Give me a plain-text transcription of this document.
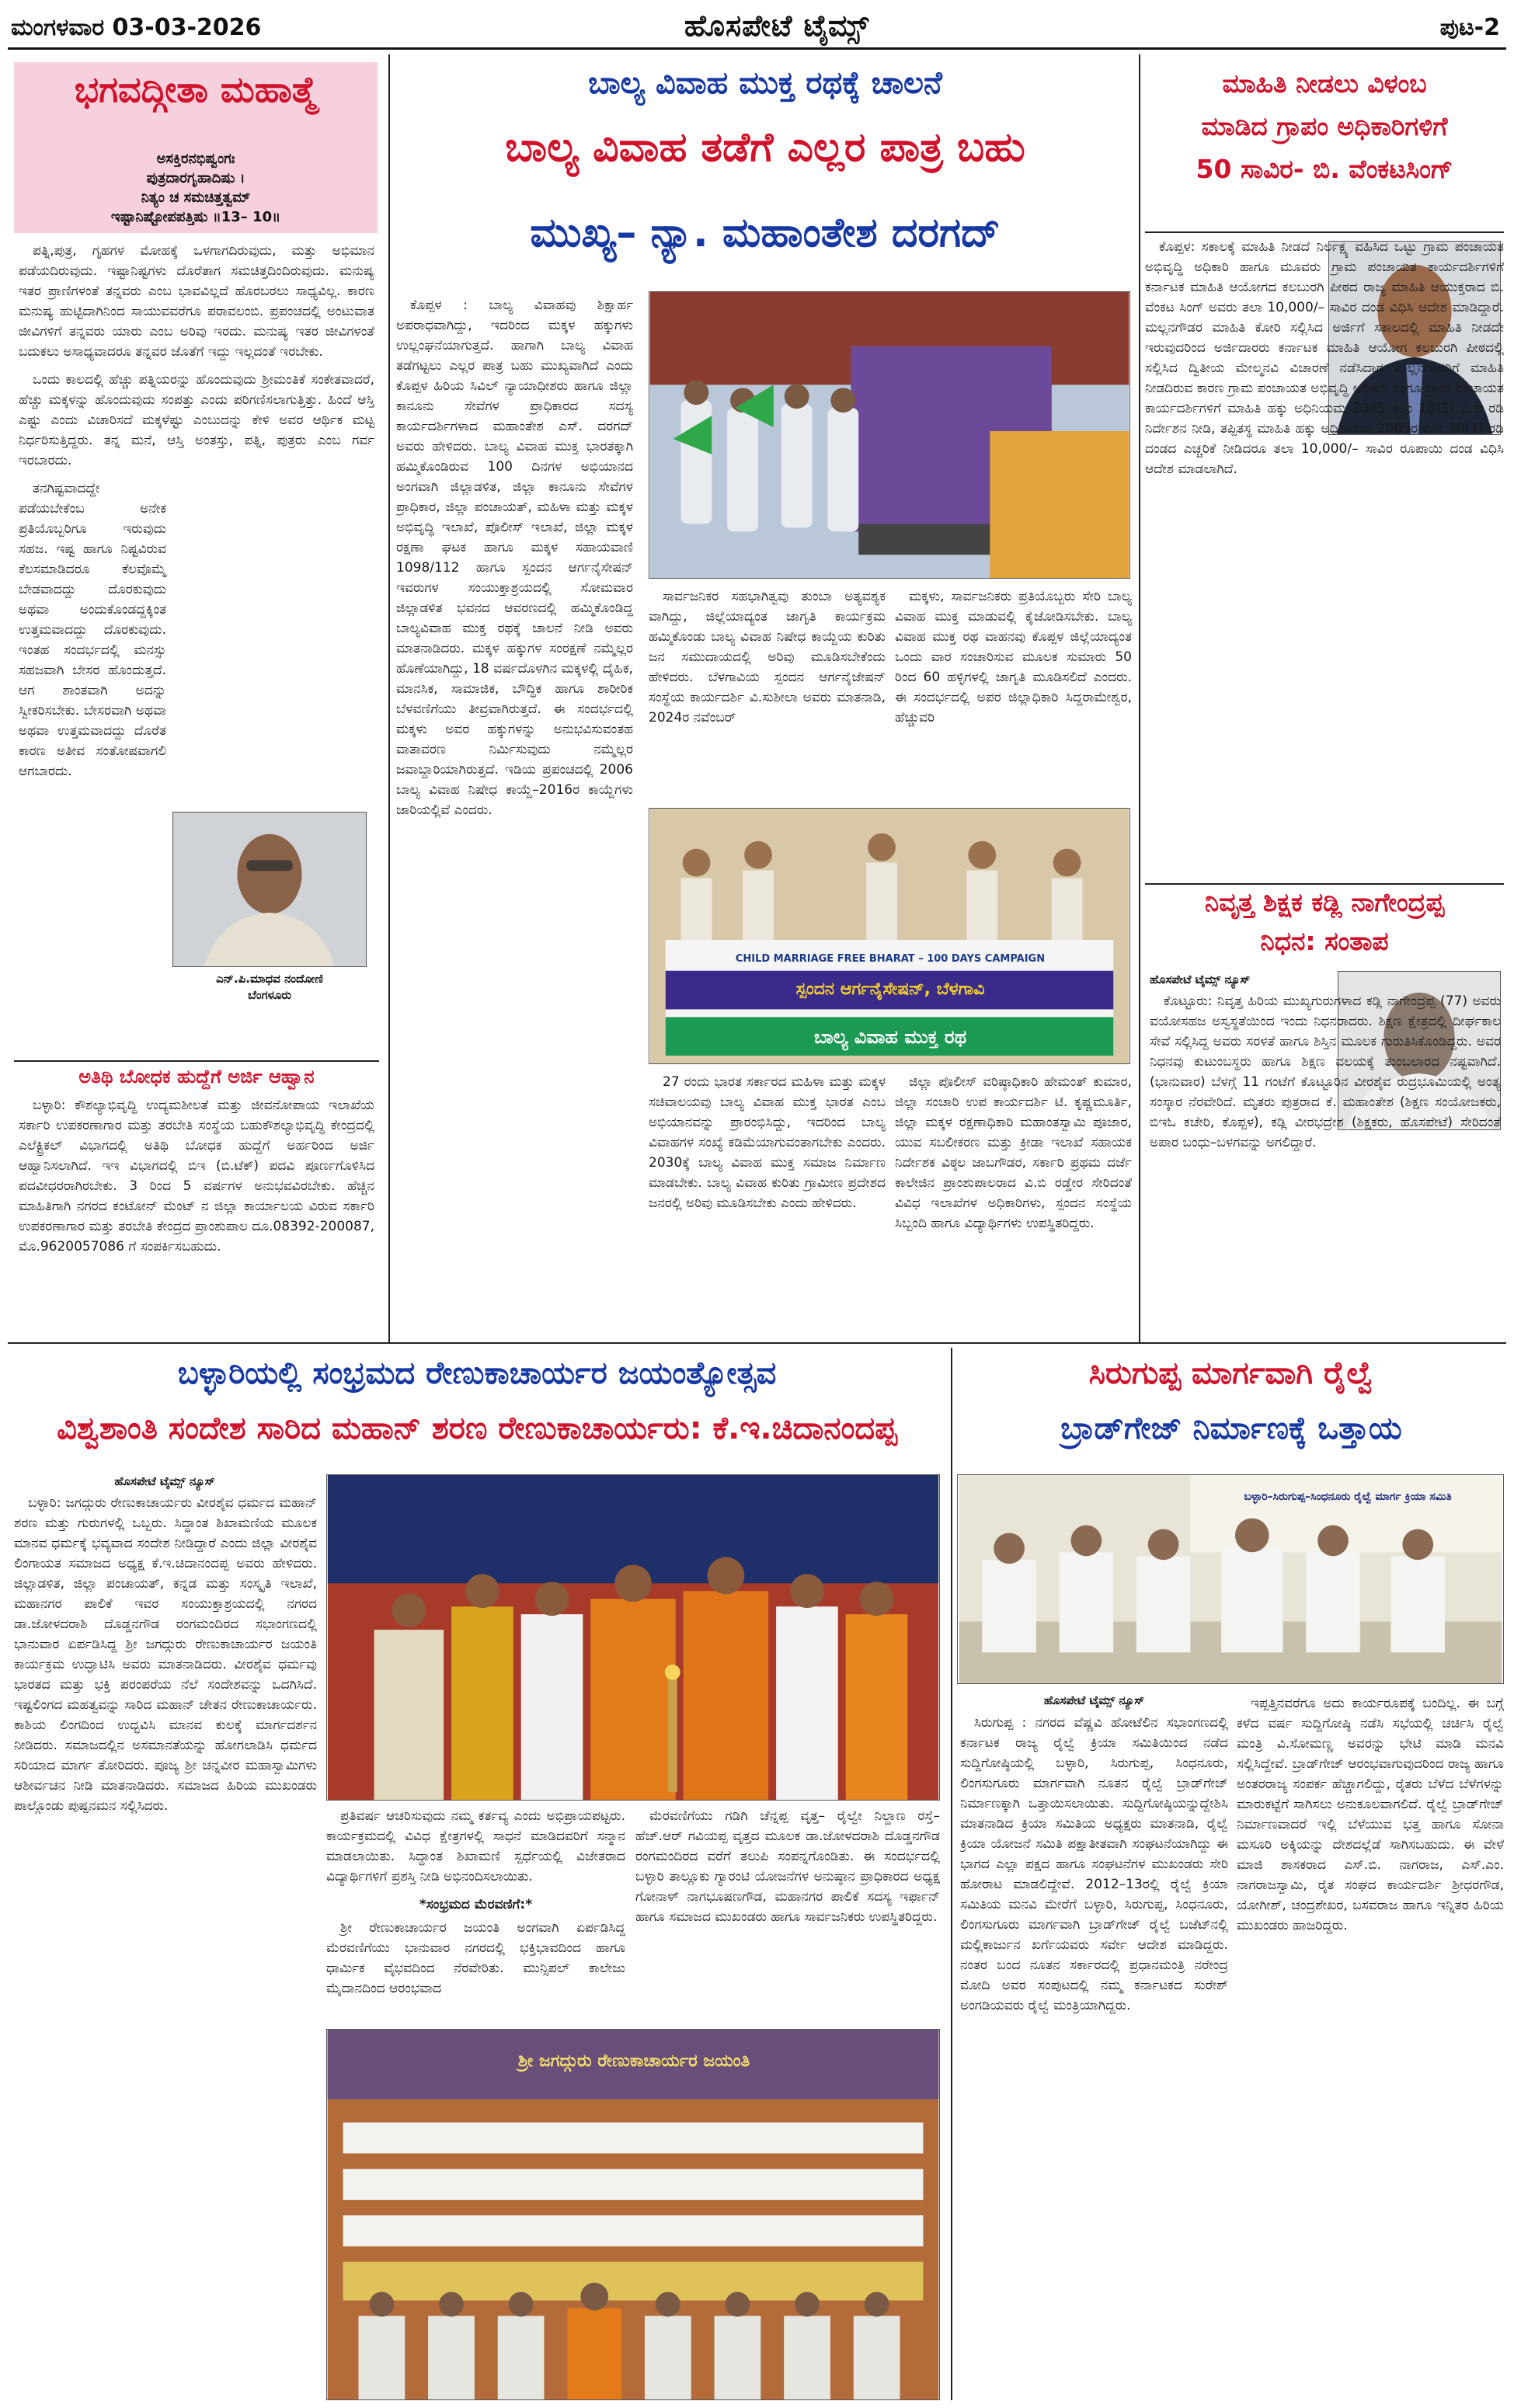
ಮಂಗಳವಾರ 03-03-2026	ಹೊಸಪೇಟೆ ಟೈಮ್ಸ್	ಪುಟ-2
ಭಗವದ್ಗೀತಾ ಮಹಾತ್ಮೆ
ಅಸಕ್ತಿರನಭಿಷ್ವಂಗಃ
ಪುತ್ರದಾರಗೃಹಾದಿಷು ।
ನಿತ್ಯಂ ಚ ಸಮಚಿತ್ತತ್ವಮ್
ಇಷ್ಟಾನಿಷ್ಟೋಪಪತ್ತಿಷು ॥13– 10॥

ಪತ್ನಿ,ಪುತ್ರ, ಗೃಹಗಳ ಮೋಹಕ್ಕೆ ಒಳಗಾಗದಿರುವುದು, ಮತ್ತು ಅಭಿಮಾನ ಪಡೆಯದಿರುವುದು. ಇಷ್ಟಾನಿಷ್ಟಗಳು ದೊರೆತಾಗ ಸಮಚಿತ್ತದಿಂದಿರುವುದು. ಮನುಷ್ಯ ಇತರ ಪ್ರಾಣಿಗಳಂತೆ ತನ್ನವರು ಎಂಬ ಭಾವವಿಲ್ಲದೆ ಹೊರಬರಲು ಸಾಧ್ಯವಿಲ್ಲ. ಕಾರಣ ಮನುಷ್ಯ ಹುಟ್ಟಿದಾಗಿನಿಂದ ಸಾಯುವವರೆಗೂ ಪರಾವಲಂಬಿ. ಪ್ರಪಂಚದಲ್ಲಿ ಅಂಟುವಾತ ಜೀವಿಗಳಿಗೆ ತನ್ನವರು ಯಾರು ಎಂಬ ಅರಿವು ಇರದು. ಮನುಷ್ಯ ಇತರ ಜೀವಿಗಳಂತೆ ಬದುಕಲು ಅಸಾಧ್ಯವಾದರೂ ತನ್ನವರ ಜೊತೆಗೆ ಇದ್ದು ಇಲ್ಲದಂತೆ ಇರಬೇಕು.

ಒಂದು ಕಾಲದಲ್ಲಿ ಹೆಚ್ಚು ಪತ್ನಿಯರನ್ನು ಹೊಂದುವುದು ಶ್ರೀಮಂತಿಕೆ ಸಂಕೇತವಾದರೆ, ಹೆಚ್ಚು ಮಕ್ಕಳನ್ನು ಹೊಂದುವುದು ಸಂಪತ್ತು ಎಂದು ಪರಿಗಣಿಸಲಾಗುತ್ತಿತ್ತು. ಹಿಂದೆ ಆಸ್ತಿ ಎಷ್ಟು ಎಂದು ವಿಚಾರಿಸದೆ ಮಕ್ಕಳೆಷ್ಟು ಎಂಬುದನ್ನು ಕೇಳಿ ಅವರ ಆರ್ಥಿಕ ಮಟ್ಟ ನಿರ್ಧರಿಸುತ್ತಿದ್ದರು. ತನ್ನ ಮನೆ, ಆಸ್ತಿ ಅಂತಸ್ತು, ಪತ್ನಿ, ಪುತ್ರರು ಎಂಬ ಗರ್ವ ಇರಬಾರದು.

ತನಗಿಷ್ಟವಾದದ್ದೇ ಪಡೆಯಬೇಕೆಂಬ ಅನೇಕ ಪ್ರತಿಯೊಬ್ಬರಿಗೂ ಇರುವುದು ಸಹಜ. ಇಷ್ಟ ಹಾಗೂ ನಿಷ್ಟವಿರುವ ಕೆಲಸಮಾಡಿದರೂ ಕೆಲವೊಮ್ಮೆ ಬೇಡವಾದದ್ದು ದೊರಕುವುದು ಅಥವಾ ಅಂದುಕೊಂಡದ್ದಕ್ಕಿಂತ ಉತ್ತಮವಾದದ್ದು ದೊರಕುವುದು. ಇಂತಹ ಸಂದರ್ಭದಲ್ಲಿ ಮನಸ್ಸು ಸಹಜವಾಗಿ ಬೇಸರ ಹೊಂದುತ್ತದೆ. ಆಗ ಶಾಂತವಾಗಿ ಅದನ್ನು ಸ್ವೀಕರಿಸಬೇಕು. ಬೇಸರವಾಗಿ ಅಥವಾ ಅಥವಾ ಉತ್ತಮವಾದದ್ದು ದೊರೆತ ಕಾರಣ ಅತೀವ ಸಂತೋಷವಾಗಲಿ ಆಗಬಾರದು.

ಎನ್.ಪಿ.ಮಾಧವ ನಂದೋಣಿ
ಬೆಂಗಳೂರು
ಅತಿಥಿ ಬೋಧಕ ಹುದ್ದೆಗೆ ಅರ್ಜಿ ಆಹ್ವಾನ

ಬಳ್ಳಾರಿ: ಕೌಶಲ್ಯಾಭಿವೃದ್ಧಿ ಉದ್ಯಮಶೀಲತೆ ಮತ್ತು ಜೀವನೋಪಾಯ ಇಲಾಖೆಯ ಸರ್ಕಾರಿ ಉಪಕರಣಾಗಾರ ಮತ್ತು ತರಬೇತಿ ಸಂಸ್ಥೆಯ ಬಹುಕೌಶಲ್ಯಾಭಿವೃದ್ಧಿ ಕೇಂದ್ರದಲ್ಲಿ ಎಲೆಕ್ಟ್ರಿಕಲ್ ವಿಭಾಗದಲ್ಲಿ ಅತಿಥಿ ಬೋಧಕ ಹುದ್ದೆಗೆ ಅರ್ಹರಿಂದ ಅರ್ಜಿ ಆಹ್ವಾನಿಸಲಾಗಿದೆ. ಇಇ ವಿಭಾಗದಲ್ಲಿ ಬಿಇ (ಬಿ.ಟೆಕ್) ಪದವಿ ಪೂರ್ಣಗೊಳಿಸಿದ ಪದವೀಧರರಾಗಿರಬೇಕು. 3 ರಿಂದ 5 ವರ್ಷಗಳ ಅನುಭವವಿರಬೇಕು. ಹೆಚ್ಚಿನ ಮಾಹಿತಿಗಾಗಿ ನಗರದ ಕಂಟೋನ್ ಮೆಂಟ್ ನ ಜಿಲ್ಲಾ ಕಾರ್ಯಾಲಯ ವಿರುವ ಸರ್ಕಾರಿ ಉಪಕರಣಾಗಾರ ಮತ್ತು ತರಬೇತಿ ಕೇಂದ್ರದ ಪ್ರಾಂಶುಪಾಲ ದೂ.08392-200087, ಮೊ.9620057086 ಗೆ ಸಂಪರ್ಕಿಸಬಹುದು.

ಬಾಲ್ಯ ವಿವಾಹ ಮುಕ್ತ ರಥಕ್ಕೆ ಚಾಲನೆ
ಬಾಲ್ಯ ವಿವಾಹ ತಡೆಗೆ ಎಲ್ಲರ ಪಾತ್ರ ಬಹು
ಮುಖ್ಯ– ನ್ಯಾ. ಮಹಾಂತೇಶ ದರಗದ್

ಕೊಪ್ಪಳ : ಬಾಲ್ಯ ವಿವಾಹವು ಶಿಕ್ಷಾರ್ಹ ಅಪರಾಧವಾಗಿದ್ದು, ಇದರಿಂದ ಮಕ್ಕಳ ಹಕ್ಕುಗಳು ಉಲ್ಲಂಘನೆಯಾಗುತ್ತದೆ. ಹಾಗಾಗಿ ಬಾಲ್ಯ ವಿವಾಹ ತಡೆಗಟ್ಟಲು ಎಲ್ಲರ ಪಾತ್ರ ಬಹು ಮುಖ್ಯವಾಗಿದೆ ಎಂದು ಕೊಪ್ಪಳ ಹಿರಿಯ ಸಿವಿಲ್ ನ್ಯಾಯಾಧೀಶರು ಹಾಗೂ ಜಿಲ್ಲಾ ಕಾನೂನು ಸೇವೆಗಳ ಪ್ರಾಧಿಕಾರದ ಸದಸ್ಯ ಕಾರ್ಯದರ್ಶಿಗಳಾದ ಮಹಾಂತೇಶ ಎಸ್. ದರಗದ್ ಅವರು ಹೇಳಿದರು. ಬಾಲ್ಯ ವಿವಾಹ ಮುಕ್ತ ಭಾರತಕ್ಕಾಗಿ ಹಮ್ಮಿಕೊಂಡಿರುವ 100 ದಿನಗಳ ಅಭಿಯಾನದ ಅಂಗವಾಗಿ ಜಿಲ್ಲಾಡಳಿತ, ಜಿಲ್ಲಾ ಕಾನೂನು ಸೇವೆಗಳ ಪ್ರಾಧಿಕಾರ, ಜಿಲ್ಲಾ ಪಂಚಾಯತ್, ಮಹಿಳಾ ಮತ್ತು ಮಕ್ಕಳ ಅಭಿವೃದ್ಧಿ ಇಲಾಖೆ, ಪೊಲೀಸ್ ಇಲಾಖೆ, ಜಿಲ್ಲಾ ಮಕ್ಕಳ ರಕ್ಷಣಾ ಘಟಕ ಹಾಗೂ ಮಕ್ಕಳ ಸಹಾಯವಾಣಿ 1098/112 ಹಾಗೂ ಸ್ಪಂದನ ಆರ್ಗನೈಸೇಷನ್ ಇವರುಗಳ ಸಂಯುಕ್ತಾಶ್ರಯದಲ್ಲಿ ಸೋಮವಾರ ಜಿಲ್ಲಾಡಳಿತ ಭವನದ ಆವರಣದಲ್ಲಿ ಹಮ್ಮಿಕೊಂಡಿದ್ದ ಬಾಲ್ಯವಿವಾಹ ಮುಕ್ತ ರಥಕ್ಕೆ ಚಾಲನೆ ನೀಡಿ ಅವರು ಮಾತನಾಡಿದರು. ಮಕ್ಕಳ ಹಕ್ಕುಗಳ ಸಂರಕ್ಷಣೆ ನಮ್ಮೆಲ್ಲರ ಹೊಣೆಯಾಗಿದ್ದು, 18 ವರ್ಷದೊಳಗಿನ ಮಕ್ಕಳಲ್ಲಿ ದೈಹಿಕ, ಮಾನಸಿಕ, ಸಾಮಾಜಿಕ, ಬೌದ್ಧಿಕ ಹಾಗೂ ಶಾರೀರಿಕ ಬೆಳವಣಿಗೆಯು ತೀವ್ರವಾಗಿರುತ್ತದೆ. ಈ ಸಂದರ್ಭದಲ್ಲಿ ಮಕ್ಕಳು ಅವರ ಹಕ್ಕುಗಳನ್ನು ಅನುಭವಿಸುವಂತಹ ವಾತಾವರಣ ನಿರ್ಮಿಸುವುದು ನಮ್ಮೆಲ್ಲರ ಜವಾಬ್ದಾರಿಯಾಗಿರುತ್ತದೆ. ಇಡಿಯ ಪ್ರಪಂಚದಲ್ಲಿ 2006 ಬಾಲ್ಯ ವಿವಾಹ ನಿಷೇಧ ಕಾಯ್ದೆ–2016ರ ಕಾಯ್ದೆಗಳು ಜಾರಿಯಲ್ಲಿವೆ ಎಂದರು.

ಸಾರ್ವಜನಿಕರ ಸಹಭಾಗಿತ್ವವು ತುಂಬಾ ಅತ್ಯವಶ್ಯಕ ವಾಗಿದ್ದು, ಜಿಲ್ಲೆಯಾದ್ಯಂತ ಜಾಗೃತಿ ಕಾರ್ಯಕ್ರಮ ಹಮ್ಮಿಕೊಂಡು ಬಾಲ್ಯ ವಿವಾಹ ನಿಷೇಧ ಕಾಯ್ದೆಯ ಕುರಿತು ಜನ ಸಮುದಾಯದಲ್ಲಿ ಅರಿವು ಮೂಡಿಸಬೇಕೆಂದು ಹೇಳಿದರು. ಬೆಳಗಾವಿಯ ಸ್ಪಂದನ ಆರ್ಗನೈಜೇಷನ್ ಸಂಸ್ಥೆಯ ಕಾರ್ಯದರ್ಶಿ ವಿ.ಸುಶೀಲಾ ಅವರು ಮಾತನಾಡಿ, 2024ರ ನವೆಂಬರ್

ಮಕ್ಕಳು, ಸಾರ್ವಜನಿಕರು ಪ್ರತಿಯೊಬ್ಬರು ಸೇರಿ ಬಾಲ್ಯ ವಿವಾಹ ಮುಕ್ತ ಮಾಡುವಲ್ಲಿ ಕೈಜೋಡಿಸಬೇಕು. ಬಾಲ್ಯ ವಿವಾಹ ಮುಕ್ತ ರಥ ವಾಹನವು ಕೊಪ್ಪಳ ಜಿಲ್ಲೆಯಾದ್ಯಂತ ಒಂದು ವಾರ ಸಂಚಾರಿಸುವ ಮೂಲಕ ಸುಮಾರು 50 ರಿಂದ 60 ಹಳ್ಳಿಗಳಲ್ಲಿ ಜಾಗೃತಿ ಮೂಡಿಸಲಿದೆ ಎಂದರು. ಈ ಸಂದರ್ಭದಲ್ಲಿ ಅಪರ ಜಿಲ್ಲಾಧಿಕಾರಿ ಸಿದ್ದರಾಮೇಶ್ವರ, ಹೆಚ್ಚುವರಿ

CHILD MARRIAGE FREE BHARAT – 100 DAYS CAMPAIGN
ಸ್ಪಂದನ ಆರ್ಗನೈಸೇಷನ್, ಬೆಳಗಾವಿ
ಬಾಲ್ಯ ವಿವಾಹ ಮುಕ್ತ ರಥ

27 ರಂದು ಭಾರತ ಸರ್ಕಾರದ ಮಹಿಳಾ ಮತ್ತು ಮಕ್ಕಳ ಸಚಿವಾಲಯವು ಬಾಲ್ಯ ವಿವಾಹ ಮುಕ್ತ ಭಾರತ ಎಂಬ ಅಭಿಯಾನವನ್ನು ಪ್ರಾರಂಭಿಸಿದ್ದು, ಇದರಿಂದ ಬಾಲ್ಯ ವಿವಾಹಗಳ ಸಂಖ್ಯೆ ಕಡಿಮೆಯಾಗುವಂತಾಗಬೇಕು ಎಂದರು. 2030ಕ್ಕೆ ಬಾಲ್ಯ ವಿವಾಹ ಮುಕ್ತ ಸಮಾಜ ನಿರ್ಮಾಣ ಮಾಡಬೇಕು. ಬಾಲ್ಯ ವಿವಾಹ ಕುರಿತು ಗ್ರಾಮೀಣ ಪ್ರದೇಶದ ಜನರಲ್ಲಿ ಅರಿವು ಮೂಡಿಸಬೇಕು ಎಂದು ಹೇಳಿದರು.

ಜಿಲ್ಲಾ ಪೊಲೀಸ್ ವರಿಷ್ಠಾಧಿಕಾರಿ ಹೇಮಂತ್ ಕುಮಾರ, ಜಿಲ್ಲಾ ಸಂಚಾರಿ ಉಪ ಕಾರ್ಯದರ್ಶಿ ಟಿ. ಕೃಷ್ಣಮೂರ್ತಿ, ಜಿಲ್ಲಾ ಮಕ್ಕಳ ರಕ್ಷಣಾಧಿಕಾರಿ ಮಹಾಂತಸ್ವಾಮಿ ಪೂಜಾರ, ಯುವ ಸಬಲೀಕರಣ ಮತ್ತು ಕ್ರೀಡಾ ಇಲಾಖೆ ಸಹಾಯಕ ನಿರ್ದೇಶಕ ವಿಠ್ಠಲ ಜಾಬಗೌಡರ, ಸರ್ಕಾರಿ ಪ್ರಥಮ ದರ್ಜೆ ಕಾಲೇಜಿನ ಪ್ರಾಂಶುಪಾಲರಾದ ವಿ.ಬಿ ರಡ್ಡೇರ ಸೇರಿದಂತೆ ವಿವಿಧ ಇಲಾಖೆಗಳ ಅಧಿಕಾರಿಗಳು, ಸ್ಪಂದನ ಸಂಸ್ಥೆಯ ಸಿಬ್ಬಂದಿ ಹಾಗೂ ವಿದ್ಯಾರ್ಥಿಗಳು ಉಪಸ್ಥಿತರಿದ್ದರು.

ಮಾಹಿತಿ ನೀಡಲು ವಿಳಂಬ
ಮಾಡಿದ ಗ್ರಾಪಂ ಅಧಿಕಾರಿಗಳಿಗೆ
50 ಸಾವಿರ- ಬಿ. ವೆಂಕಟಸಿಂಗ್

ಕೊಪ್ಪಳ: ಸಕಾಲಕ್ಕೆ ಮಾಹಿತಿ ನೀಡದೆ ನಿರ್ಲಕ್ಷ್ಯ ವಹಿಸಿದ ಒಟ್ಟು ಗ್ರಾಮ ಪಂಚಾಯತ ಅಭಿವೃದ್ಧಿ ಅಧಿಕಾರಿ ಹಾಗೂ ಮೂವರು ಗ್ರಾಮ ಪಂಚಾಯತ ಕಾರ್ಯದರ್ಶಿಗಳಿಗೆ ಕರ್ನಾಟಕ ಮಾಹಿತಿ ಆಯೋಗದ ಕಲಬುರಗಿ ಪೀಠದ ರಾಜ್ಯ ಮಾಹಿತಿ ಆಯುಕ್ತರಾದ ಬಿ. ವೆಂಕಟ ಸಿಂಗ್ ಅವರು ತಲಾ 10,000/– ಸಾವಿರ ದಂಡ ವಿಧಿಸಿ ಆದೇಶ ಮಾಡಿದ್ದಾರೆ. ಮಲ್ಲನಗೌಡರ ಮಾಹಿತಿ ಕೋರಿ ಸಲ್ಲಿಸಿದ ಅರ್ಜಿಗೆ ಸಕಾಲದಲ್ಲಿ ಮಾಹಿತಿ ನೀಡದೇ ಇರುವುದರಿಂದ ಅರ್ಜಿದಾರರು ಕರ್ನಾಟಕ ಮಾಹಿತಿ ಆಯೋಗ ಕಲಬುರಗಿ ಪೀಠದಲ್ಲಿ ಸಲ್ಲಿಸಿದ ದ್ವಿತೀಯ ಮೇಲ್ಮನವಿ ವಿಚಾರಣೆ ನಡೆಸಿದಾಗ ಮಲ್ಲನಗೌಡರಿಗೆ ಮಾಹಿತಿ ನೀಡದಿರುವ ಕಾರಣ ಗ್ರಾಮ ಪಂಚಾಯತ ಅಭಿವೃದ್ಧಿ ಅಧಿಕಾರಿ ಹಾಗೂ ಗ್ರಾಮ ಪಂಚಾಯತ ಕಾರ್ಯದರ್ಶಿಗಳಿಗೆ ಮಾಹಿತಿ ಹಕ್ಕು ಅಧಿನಿಯಮ 2005 ಕಲಂ 18(3) ಎ.ಬಿ ರಡಿ ನಿರ್ದೇಶನ ನೀಡಿ, ತಪ್ಪಿತಸ್ಥ ಮಾಹಿತಿ ಹಕ್ಕು ಅಧಿನಿಯಮ 2005ರ ಕಲಂ 20(1) ರಡಿ ದಂಡದ ಎಚ್ಚರಿಕೆ ನೀಡಿದರೂ ತಲಾ 10,000/– ಸಾವಿರ ರೂಪಾಯಿ ದಂಡ ವಿಧಿಸಿ ಆದೇಶ ಮಾಡಲಾಗಿದೆ.

ನಿವೃತ್ತ ಶಿಕ್ಷಕ ಕಡ್ಲಿ ನಾಗೇಂದ್ರಪ್ಪ
ನಿಧನ: ಸಂತಾಪ
ಹೊಸಪೇಟೆ ಟೈಮ್ಸ್ ನ್ಯೂಸ್

ಕೊಟ್ಟೂರು: ನಿವೃತ್ತ ಹಿರಿಯ ಮುಖ್ಯಗುರುಗಳಾದ ಕಡ್ಲಿ ನಾಗೇಂದ್ರಪ್ಪ (77) ಅವರು ವಯೋಸಹಜ ಅಸ್ವಸ್ಥತೆಯಿಂದ ಇಂದು ನಿಧನರಾದರು. ಶಿಕ್ಷಣ ಕ್ಷೇತ್ರದಲ್ಲಿ ದೀರ್ಘಕಾಲ ಸೇವೆ ಸಲ್ಲಿಸಿದ್ದ ಅವರು ಸರಳತೆ ಹಾಗೂ ಶಿಸ್ತಿನ ಮೂಲಕ ಗುರುತಿಸಿಕೊಂಡಿದ್ದರು. ಅವರ ನಿಧನವು ಕುಟುಂಬಸ್ಥರು ಹಾಗೂ ಶಿಕ್ಷಣ ವಲಯಕ್ಕೆ ತುಂಬಲಾರದ ನಷ್ಟವಾಗಿದೆ. (ಭಾನುವಾರ) ಬೆಳಗ್ಗೆ 11 ಗಂಟೆಗೆ ಕೊಟ್ಟೂರಿನ ವೀರಶೈವ ರುದ್ರಭೂಮಿಯಲ್ಲಿ ಅಂತ್ಯ ಸಂಸ್ಕಾರ ನೆರವೇರಿದೆ. ಮೃತರು ಪುತ್ರರಾದ ಕೆ. ಮಹಾಂತೇಶ (ಶಿಕ್ಷಣ ಸಂಯೋಜಕರು, ಬಿಇಓ ಕಚೇರಿ, ಕೊಪ್ಪಳ), ಕಡ್ಲಿ ವೀರಭದ್ರೇಶ (ಶಿಕ್ಷಕರು, ಹೊಸಪೇಟೆ) ಸೇರಿದಂತೆ ಅಪಾರ ಬಂಧು–ಬಳಗವನ್ನು ಅಗಲಿದ್ದಾರೆ.

ಬಳ್ಳಾರಿಯಲ್ಲಿ ಸಂಭ್ರಮದ ರೇಣುಕಾಚಾರ್ಯರ ಜಯಂತ್ಯೋತ್ಸವ
ವಿಶ್ವಶಾಂತಿ ಸಂದೇಶ ಸಾರಿದ ಮಹಾನ್ ಶರಣ ರೇಣುಕಾಚಾರ್ಯರು: ಕೆ.ಇ.ಚಿದಾನಂದಪ್ಪ
ಹೊಸಪೇಟೆ ಟೈಮ್ಸ್ ನ್ಯೂಸ್

ಬಳ್ಳಾರಿ: ಜಗದ್ಗುರು ರೇಣುಕಾಚಾರ್ಯರು ವೀರಶೈವ ಧರ್ಮದ ಮಹಾನ್ ಶರಣ ಮತ್ತು ಗುರುಗಳಲ್ಲಿ ಒಬ್ಬರು. ಸಿದ್ಧಾಂತ ಶಿಖಾಮಣಿಯ ಮೂಲಕ ಮಾನವ ಧರ್ಮಕ್ಕೆ ಭವ್ಯವಾದ ಸಂದೇಶ ನೀಡಿದ್ದಾರೆ ಎಂದು ಜಿಲ್ಲಾ ವೀರಶೈವ ಲಿಂಗಾಯತ ಸಮಾಜದ ಅಧ್ಯಕ್ಷ ಕೆ.ಇ.ಚಿದಾನಂದಪ್ಪ ಅವರು ಹೇಳಿದರು. ಜಿಲ್ಲಾಡಳಿತ, ಜಿಲ್ಲಾ ಪಂಚಾಯತ್, ಕನ್ನಡ ಮತ್ತು ಸಂಸ್ಕೃತಿ ಇಲಾಖೆ, ಮಹಾನಗರ ಪಾಲಿಕೆ ಇವರ ಸಂಯುಕ್ತಾಶ್ರಯದಲ್ಲಿ ನಗರದ ಡಾ.ಜೋಳದರಾಶಿ ದೊಡ್ಡನಗೌಡ ರಂಗಮಂದಿರದ ಸಭಾಂಗಣದಲ್ಲಿ ಭಾನುವಾರ ಏರ್ಪಡಿಸಿದ್ದ ಶ್ರೀ ಜಗದ್ಗುರು ರೇಣುಕಾಚಾರ್ಯರ ಜಯಂತಿ ಕಾರ್ಯಕ್ರಮ ಉದ್ಘಾಟಿಸಿ ಅವರು ಮಾತನಾಡಿದರು. ವೀರಶೈವ ಧರ್ಮವು ಭಾರತದ ಮತ್ತು ಭಕ್ತಿ ಪರಂಪರೆಯ ನೆಲೆ ಸಂದೇಶವನ್ನು ಒದಗಿಸಿದೆ. ಇಷ್ಟಲಿಂಗದ ಮಹತ್ವವನ್ನು ಸಾರಿದ ಮಹಾನ್ ಚೇತನ ರೇಣುಕಾಚಾರ್ಯರು. ಕಾಶಿಯ ಲಿಂಗದಿಂದ ಉದ್ಭವಿಸಿ ಮಾನವ ಕುಲಕ್ಕೆ ಮಾರ್ಗದರ್ಶನ ನೀಡಿದರು. ಸಮಾಜದಲ್ಲಿನ ಅಸಮಾನತೆಯನ್ನು ಹೋಗಲಾಡಿಸಿ ಧರ್ಮದ ಸರಿಯಾದ ಮಾರ್ಗ ತೋರಿದರು. ಪೂಜ್ಯ ಶ್ರೀ ಚನ್ನವೀರ ಮಹಾಸ್ವಾಮಿಗಳು ಆಶೀರ್ವಚನ ನೀಡಿ ಮಾತನಾಡಿದರು. ಸಮಾಜದ ಹಿರಿಯ ಮುಖಂಡರು ಪಾಲ್ಗೊಂಡು ಪುಷ್ಪನಮನ ಸಲ್ಲಿಸಿದರು.

ಪ್ರತಿವರ್ಷ ಆಚರಿಸುವುದು ನಮ್ಮ ಕರ್ತವ್ಯ ಎಂದು ಅಭಿಪ್ರಾಯಪಟ್ಟರು. ಕಾರ್ಯಕ್ರಮದಲ್ಲಿ ವಿವಿಧ ಕ್ಷೇತ್ರಗಳಲ್ಲಿ ಸಾಧನೆ ಮಾಡಿದವರಿಗೆ ಸನ್ಮಾನ ಮಾಡಲಾಯಿತು. ಸಿದ್ಧಾಂತ ಶಿಖಾಮಣಿ ಸ್ಪರ್ಧೆಯಲ್ಲಿ ವಿಜೇತರಾದ ವಿದ್ಯಾರ್ಥಿಗಳಿಗೆ ಪ್ರಶಸ್ತಿ ನೀಡಿ ಅಭಿನಂದಿಸಲಾಯಿತು.

*ಸಂಭ್ರಮದ ಮೆರವಣಿಗೆ:*

ಶ್ರೀ ರೇಣುಕಾಚಾರ್ಯರ ಜಯಂತಿ ಅಂಗವಾಗಿ ಏರ್ಪಡಿಸಿದ್ದ ಮೆರವಣಿಗೆಯು ಭಾನುವಾರ ನಗರದಲ್ಲಿ ಭಕ್ತಿಭಾವದಿಂದ ಹಾಗೂ ಧಾರ್ಮಿಕ ವೈಭವದಿಂದ ನೆರವೇರಿತು. ಮುನ್ಸಿಪಲ್ ಕಾಲೇಜು ಮೈದಾನದಿಂದ ಆರಂಭವಾದ

ಮೆರವಣಿಗೆಯು ಗಡಿಗಿ ಚೆನ್ನಪ್ಪ ವೃತ್ತ– ರೈಲ್ವೇ ನಿಲ್ದಾಣ ರಸ್ತೆ– ಹೆಚ್.ಆರ್ ಗವಿಯಪ್ಪ ವೃತ್ತದ ಮೂಲಕ ಡಾ.ಜೋಳದರಾಶಿ ದೊಡ್ಡನಗೌಡ ರಂಗಮಂದಿರದ ವರೆಗೆ ತಲುಪಿ ಸಂಪನ್ನಗೊಂಡಿತು. ಈ ಸಂದರ್ಭದಲ್ಲಿ ಬಳ್ಳಾರಿ ತಾಲ್ಲೂಕು ಗ್ಯಾರಂಟಿ ಯೋಜನೆಗಳ ಅನುಷ್ಠಾನ ಪ್ರಾಧಿಕಾರದ ಅಧ್ಯಕ್ಷ ಗೋನಾಳ್ ನಾಗಭೂಷಣಗೌಡ, ಮಹಾನಗರ ಪಾಲಿಕೆ ಸದಸ್ಯ ಇರ್ಫಾನ್ ಹಾಗೂ ಸಮಾಜದ ಮುಖಂಡರು ಹಾಗೂ ಸಾರ್ವಜನಿಕರು ಉಪಸ್ಥಿತರಿದ್ದರು.

ಶ್ರೀ ಜಗದ್ಗುರು ರೇಣುಕಾಚಾರ್ಯರ ಜಯಂತಿ
ಸಿರುಗುಪ್ಪ ಮಾರ್ಗವಾಗಿ ರೈಲ್ವೆ
ಬ್ರಾಡ್‌ಗೇಜ್ ನಿರ್ಮಾಣಕ್ಕೆ ಒತ್ತಾಯ
ಬಳ್ಳಾರಿ–ಸಿರುಗುಪ್ಪ–ಸಿಂಧನೂರು ರೈಲ್ವೆ ಮಾರ್ಗ ಕ್ರಿಯಾ ಸಮಿತಿ
ಹೊಸಪೇಟೆ ಟೈಮ್ಸ್ ನ್ಯೂಸ್

ಸಿರುಗುಪ್ಪ : ನಗರದ ವೆಷ್ಣವಿ ಹೋಟೆಲಿನ ಸಭಾಂಗಣದಲ್ಲಿ ಕರ್ನಾಟಕ ರಾಜ್ಯ ರೈಲ್ವೆ ಕ್ರಿಯಾ ಸಮಿತಿಯಿಂದ ನಡೆದ ಸುದ್ದಿಗೋಷ್ಠಿಯಲ್ಲಿ ಬಳ್ಳಾರಿ, ಸಿರುಗುಪ್ಪ, ಸಿಂಧನೂರು, ಲಿಂಗಸುಗೂರು ಮಾರ್ಗವಾಗಿ ನೂತನ ರೈಲ್ವೆ ಬ್ರಾಡ್‌ಗೇಜ್ ನಿರ್ಮಾಣಕ್ಕಾಗಿ ಒತ್ತಾಯಿಸಲಾಯಿತು. ಸುದ್ದಿಗೋಷ್ಠಿಯನ್ನುದ್ದೇಶಿಸಿ ಮಾತನಾಡಿದ ಕ್ರಿಯಾ ಸಮಿತಿಯ ಅಧ್ಯಕ್ಷರು ಮಾತನಾಡಿ, ರೈಲ್ವೆ ಕ್ರಿಯಾ ಯೋಜನೆ ಸಮಿತಿ ಪಕ್ಷಾತೀತವಾಗಿ ಸಂಘಟನೆಯಾಗಿದ್ದು ಈ ಭಾಗದ ಎಲ್ಲಾ ಪಕ್ಷದ ಹಾಗೂ ಸಂಘಟನೆಗಳ ಮುಖಂಡರು ಸೇರಿ ಹೋರಾಟ ಮಾಡಲಿದ್ದೇವೆ. 2012–13ರಲ್ಲಿ ರೈಲ್ವೆ ಕ್ರಿಯಾ ಸಮಿತಿಯ ಮನವಿ ಮೇರೆಗೆ ಬಳ್ಳಾರಿ, ಸಿರುಗುಪ್ಪ, ಸಿಂಧನೂರು, ಲಿಂಗಸುಗೂರು ಮಾರ್ಗವಾಗಿ ಬ್ರಾಡ್‌ಗೇಜ್ ರೈಲ್ವೆ ಬಜೆಟ್‌ನಲ್ಲಿ ಮಲ್ಲಿಕಾರ್ಜುನ ಖರ್ಗೆಯವರು ಸರ್ವೇ ಆದೇಶ ಮಾಡಿದ್ದರು. ನಂತರ ಬಂದ ನೂತನ ಸರ್ಕಾರದಲ್ಲಿ ಪ್ರಧಾನಮಂತ್ರಿ ನರೇಂದ್ರ ಮೋದಿ ಅವರ ಸಂಪುಟದಲ್ಲಿ ನಮ್ಮ ಕರ್ನಾಟಕದ ಸುರೇಶ್ ಅಂಗಡಿಯವರು ರೈಲ್ವೆ ಮಂತ್ರಿಯಾಗಿದ್ದರು.

ಇಪ್ಪತ್ತಿನವರೆಗೂ ಅದು ಕಾರ್ಯರೂಪಕ್ಕೆ ಬಂದಿಲ್ಲ. ಈ ಬಗ್ಗೆ ಕಳೆದ ವರ್ಷ ಸುದ್ದಿಗೋಷ್ಠಿ ನಡೆಸಿ ಸಭೆಯಲ್ಲಿ ಚರ್ಚಿಸಿ ರೈಲ್ವೆ ಮಂತ್ರಿ ವಿ.ಸೋಮಣ್ಣ ಅವರನ್ನು ಭೇಟಿ ಮಾಡಿ ಮನವಿ ಸಲ್ಲಿಸಿದ್ದೇವೆ. ಬ್ರಾಡ್‌ಗೇಜ್ ಆರಂಭವಾಗುವುದರಿಂದ ರಾಜ್ಯ ಹಾಗೂ ಅಂತರರಾಜ್ಯ ಸಂಪರ್ಕ ಹೆಚ್ಚಾಗಲಿದ್ದು, ರೈತರು ಬೆಳೆದ ಬೆಳೆಗಳನ್ನು ಮಾರುಕಟ್ಟೆಗೆ ಸಾಗಿಸಲು ಅನುಕೂಲವಾಗಲಿದೆ. ರೈಲ್ವೆ ಬ್ರಾಡ್‌ಗೇಜ್ ನಿರ್ಮಾಣವಾದರೆ ಇಲ್ಲಿ ಬೆಳೆಯುವ ಭತ್ತ ಹಾಗೂ ಸೋನಾ ಮಸೂರಿ ಅಕ್ಕಿಯನ್ನು ದೇಶದಲ್ಲೆಡೆ ಸಾಗಿಸಬಹುದು. ಈ ವೇಳೆ ಮಾಜಿ ಶಾಸಕರಾದ ಎಸ್.ಬಿ. ನಾಗರಾಜ, ಎಸ್.ಎಂ. ನಾಗರಾಜಸ್ವಾಮಿ, ರೈತ ಸಂಘದ ಕಾರ್ಯದರ್ಶಿ ಶ್ರೀಧರಗೌಡ, ಯೋಗೀಶ್, ಚಂದ್ರಶೇಖರ, ಬಸವರಾಜ ಹಾಗೂ ಇನ್ನಿತರ ಹಿರಿಯ ಮುಖಂಡರು ಹಾಜರಿದ್ದರು.
